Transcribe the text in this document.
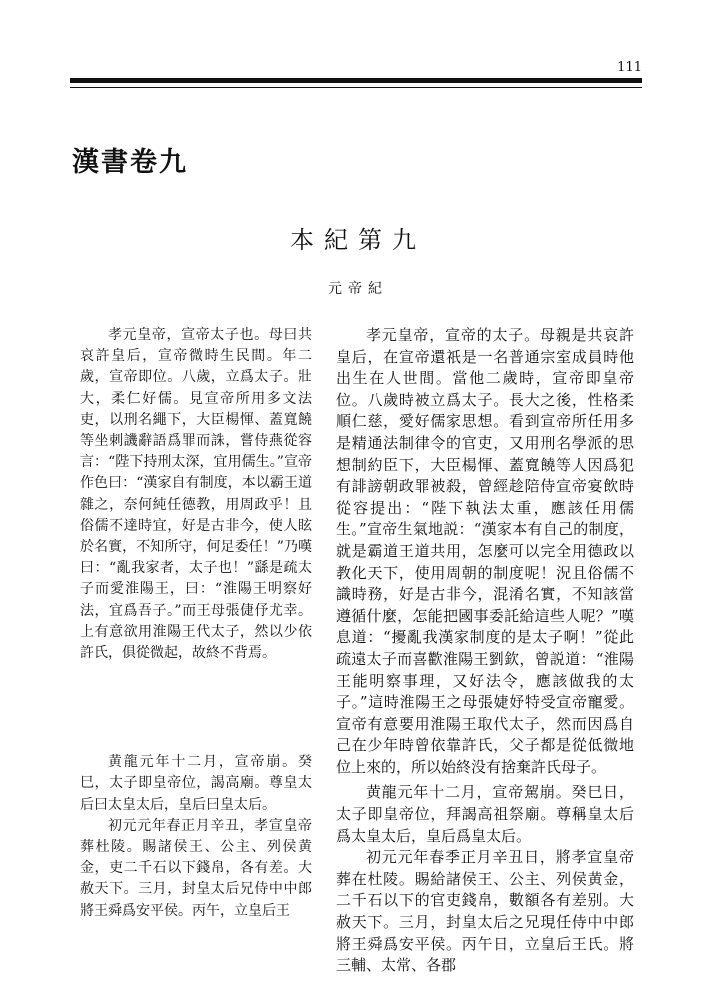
111
漢書卷九
本紀第九
元帝紀

孝元皇帝，宣帝太子也。母曰共哀許皇后，宣帝微時生民間。年二歲，宣帝即位。八歲，立爲太子。壯大，柔仁好儒。見宣帝所用多文法吏，以刑名繩下，大臣楊惲、蓋寬饒等坐刺譏辭語爲罪而誅，嘗侍燕從容言：“陛下持刑太深，宜用儒生。”宣帝作色曰：“漢家自有制度，本以霸王道雜之，奈何純任德教，用周政乎！且俗儒不達時宜，好是古非今，使人眩於名實，不知所守，何足委任！”乃嘆曰：“亂我家者，太子也！”繇是疏太子而愛淮陽王，曰：“淮陽王明察好法，宜爲吾子。”而王母張倢伃尤幸。上有意欲用淮陽王代太子，然以少依許氏，俱從微起，故終不背焉。

黄龍元年十二月，宣帝崩。癸巳，太子即皇帝位，謁高廟。尊皇太后曰太皇太后，皇后曰皇太后。

初元元年春正月辛丑，孝宣皇帝葬杜陵。賜諸侯王、公主、列侯黄金，吏二千石以下錢帛，各有差。大赦天下。三月，封皇太后兄侍中中郎將王舜爲安平侯。丙午，立皇后王

孝元皇帝，宣帝的太子。母親是共哀許皇后，在宣帝還祇是一名普通宗室成員時他出生在人世間。當他二歲時，宣帝即皇帝位。八歲時被立爲太子。長大之後，性格柔順仁慈，愛好儒家思想。看到宣帝所任用多是精通法制律令的官吏，又用刑名學派的思想制約臣下，大臣楊惲、蓋寬饒等人因爲犯有誹謗朝政罪被殺，曾經趁陪侍宣帝宴飲時從容提出：“陛下執法太重，應該任用儒生。”宣帝生氣地説：“漢家本有自己的制度，就是霸道王道共用，怎麼可以完全用德政以教化天下，使用周朝的制度呢！況且俗儒不識時務，好是古非今，混淆名實，不知該當遵循什麼，怎能把國事委託給這些人呢？”嘆息道：“擾亂我漢家制度的是太子啊！”從此疏遠太子而喜歡淮陽王劉欽，曾説道：“淮陽王能明察事理，又好法令，應該做我的太子。”這時淮陽王之母張婕妤特受宣帝寵愛。宣帝有意要用淮陽王取代太子，然而因爲自己在少年時曾依靠許氏，父子都是從低微地位上來的，所以始終没有捨棄許氏母子。

黄龍元年十二月，宣帝駕崩。癸巳日，太子即皇帝位，拜謁高祖祭廟。尊稱皇太后爲太皇太后，皇后爲皇太后。

初元元年春季正月辛丑日，將孝宣皇帝葬在杜陵。賜給諸侯王、公主、列侯黄金，二千石以下的官吏錢帛，數額各有差别。大赦天下。三月，封皇太后之兄現任侍中中郎將王舜爲安平侯。丙午日，立皇后王氏。將三輔、太常、各郡
